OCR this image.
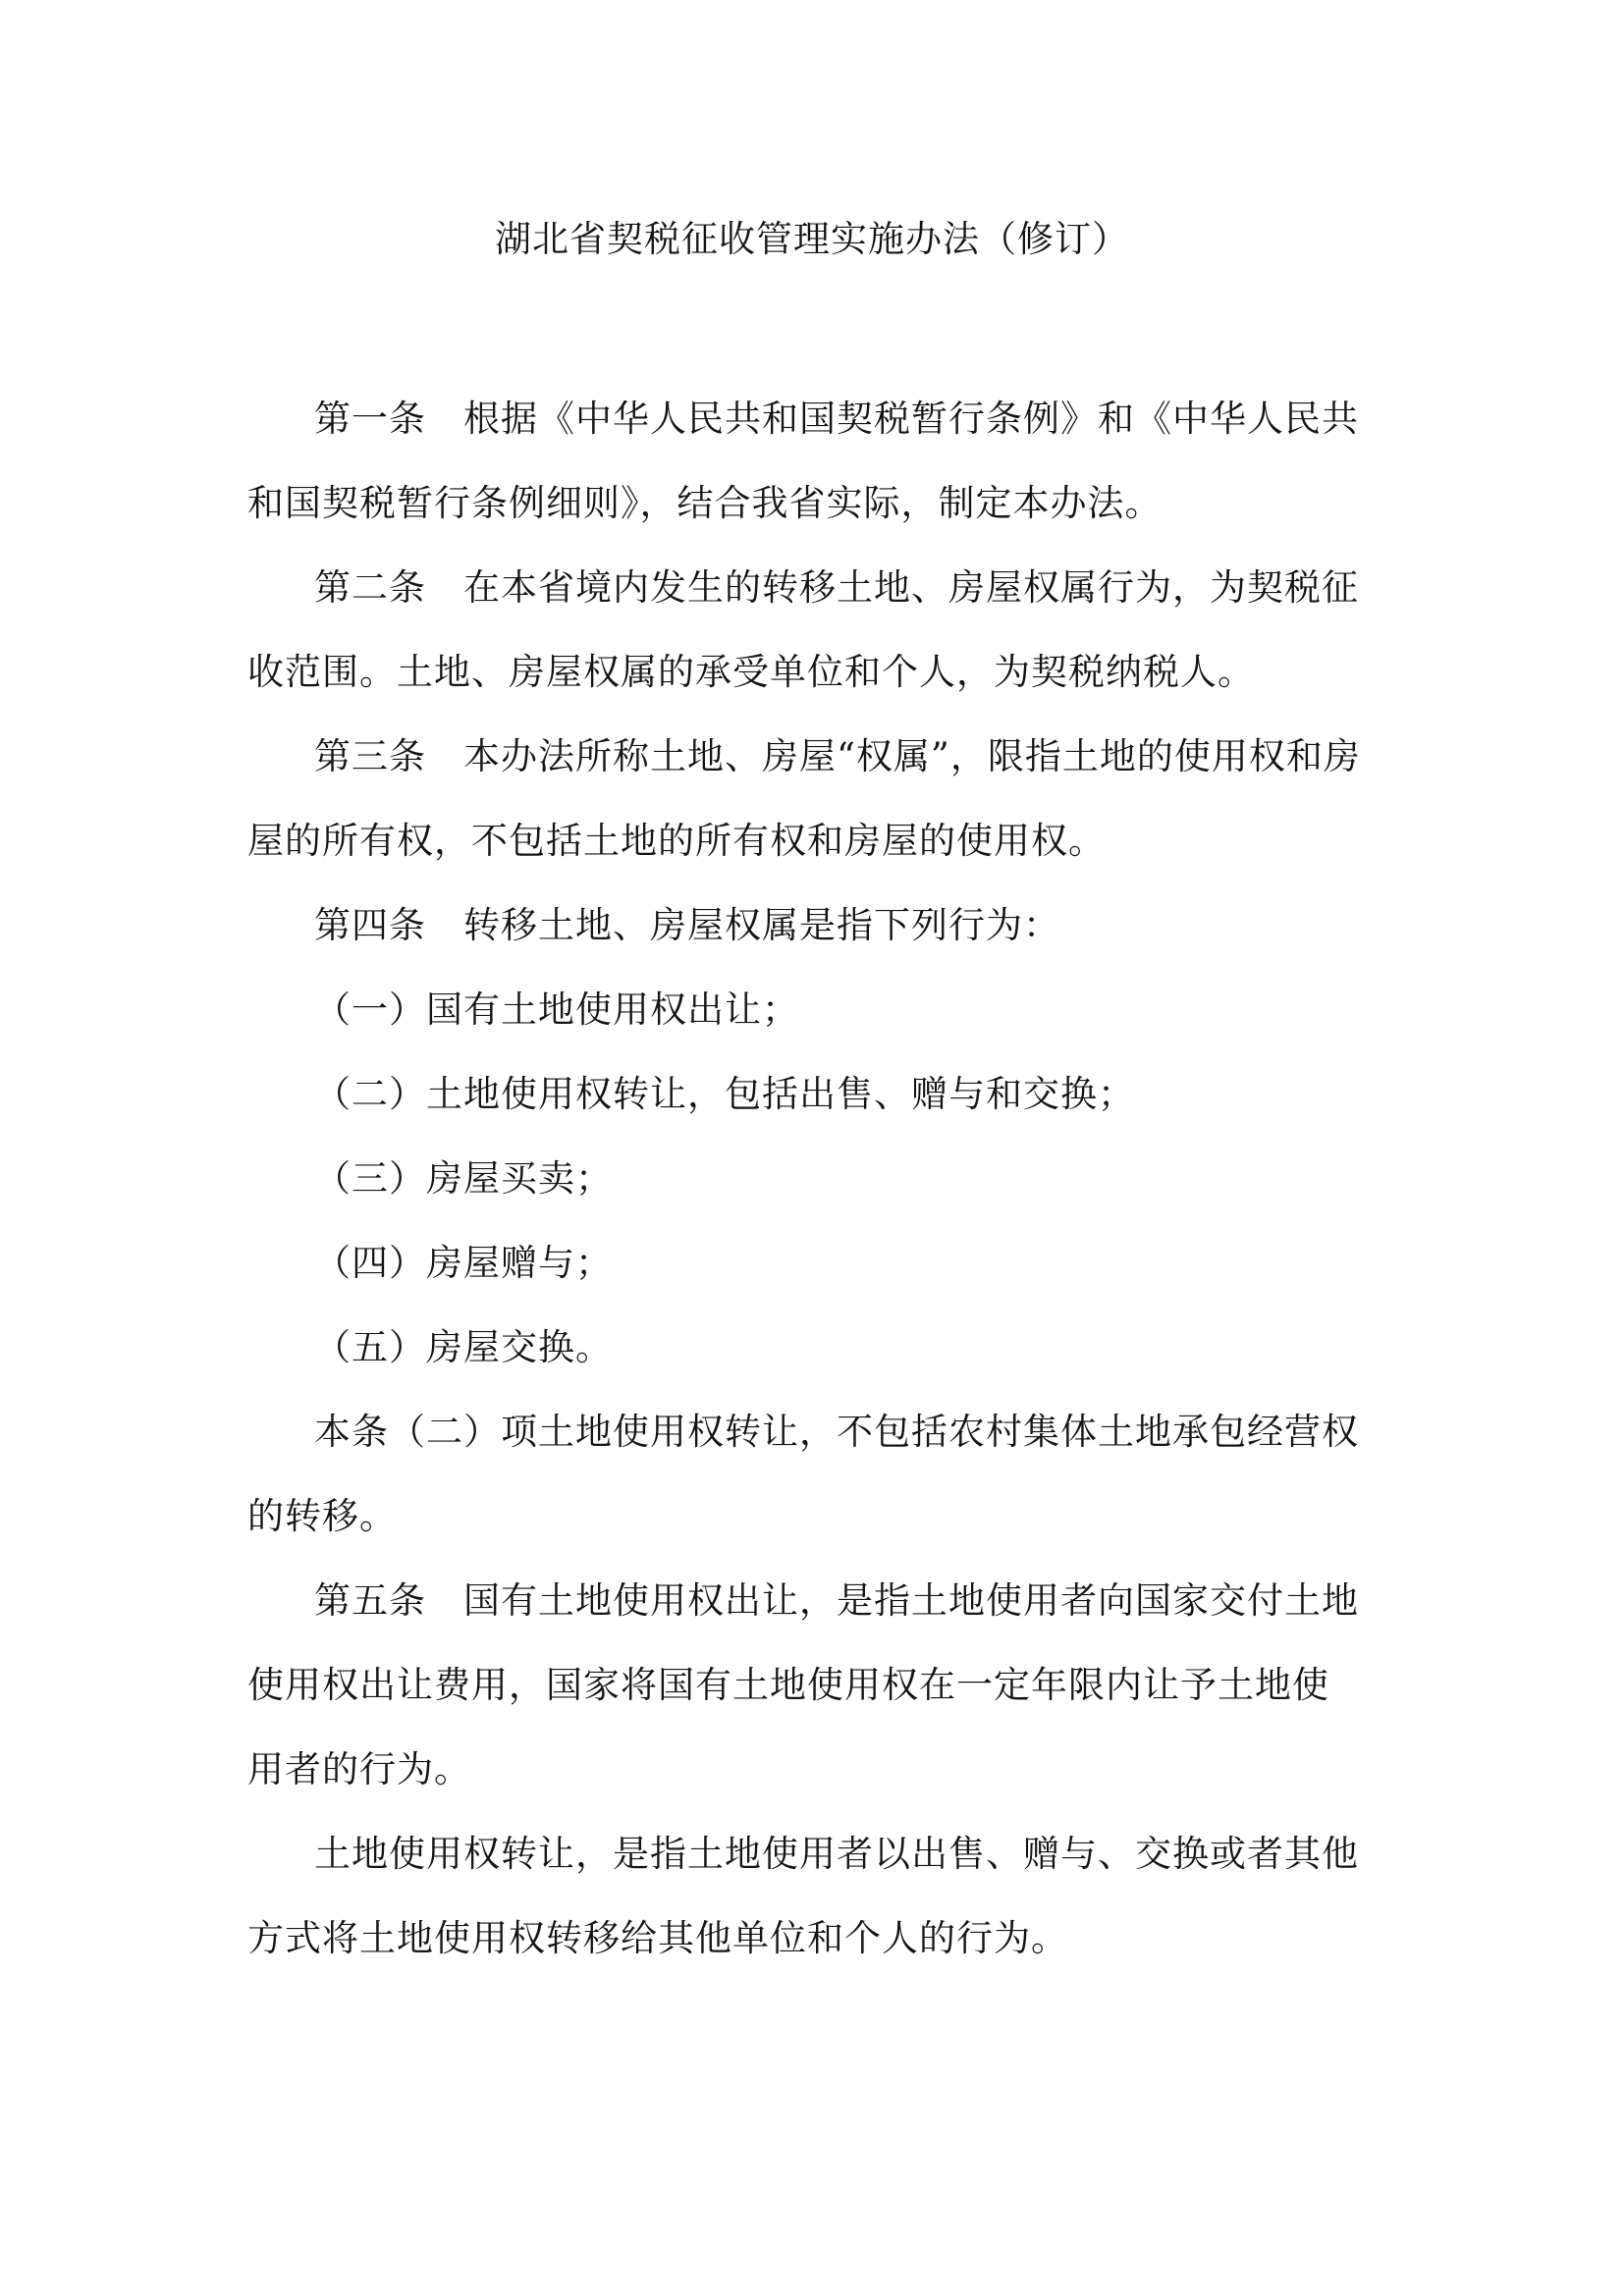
湖北省契税征收管理实施办法（修订）

第一条 根据《中华人民共和国契税暂行条例》和《中华人民共和国契税暂行条例细则》，结合我省实际，制定本办法。

第二条 在本省境内发生的转移土地、房屋权属行为，为契税征收范围。土地、房屋权属的承受单位和个人，为契税纳税人。

第三条 本办法所称土地、房屋“权属”，限指土地的使用权和房屋的所有权，不包括土地的所有权和房屋的使用权。

第四条 转移土地、房屋权属是指下列行为：

（一）国有土地使用权出让；

（二）土地使用权转让，包括出售、赠与和交换；

（三）房屋买卖；

（四）房屋赠与；

（五）房屋交换。

本条（二）项土地使用权转让，不包括农村集体土地承包经营权的转移。

第五条 国有土地使用权出让，是指土地使用者向国家交付土地使用权出让费用，国家将国有土地使用权在一定年限内让予土地使用者的行为。

土地使用权转让，是指土地使用者以出售、赠与、交换或者其他方式将土地使用权转移给其他单位和个人的行为。
